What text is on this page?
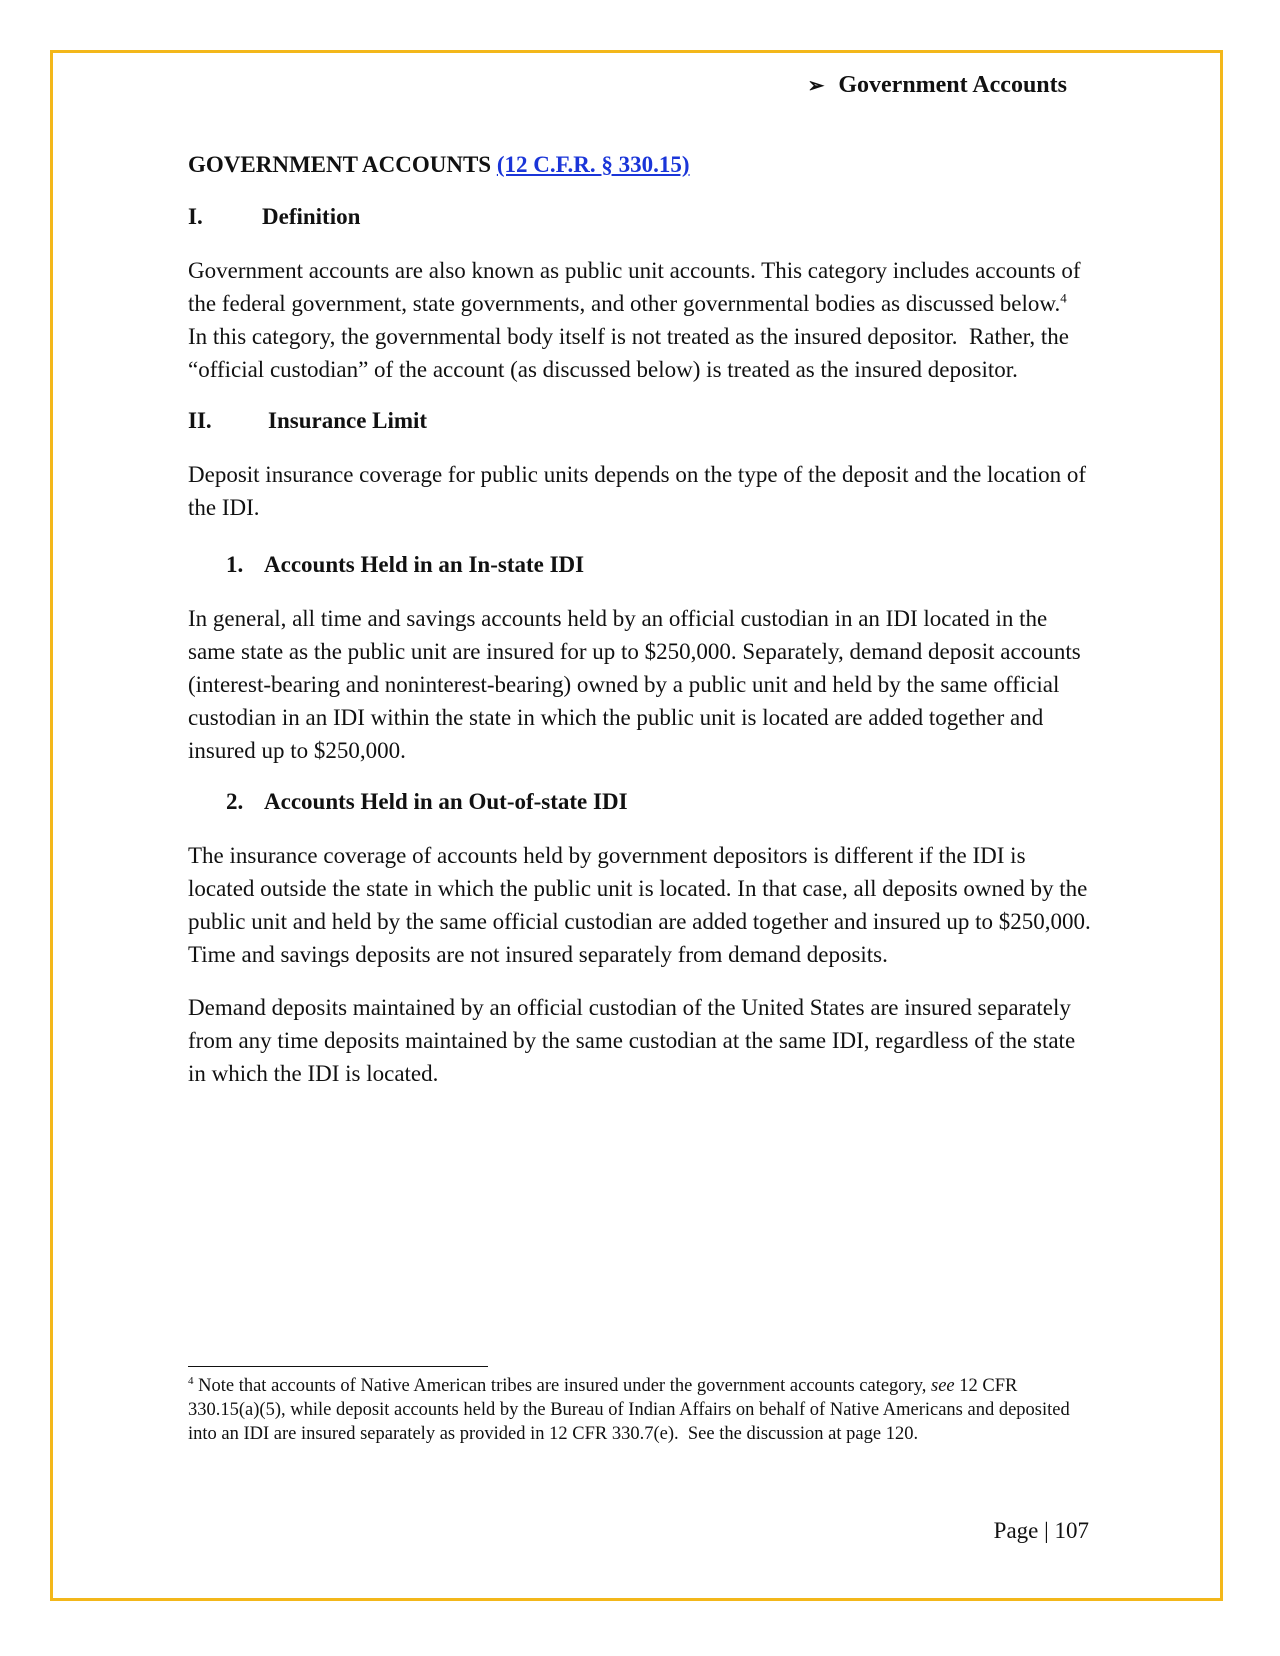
➢ Government Accounts
GOVERNMENT ACCOUNTS (12 C.F.R. § 330.15)
I.	Definition

Government accounts are also known as public unit accounts. This category includes accounts of the federal government, state governments, and other governmental bodies as discussed below.$^4$  In this category, the governmental body itself is not treated as the insured depositor.  Rather, the “official custodian” of the account (as discussed below) is treated as the insured depositor.

II.	Insurance Limit

Deposit insurance coverage for public units depends on the type of the deposit and the location of the IDI.

1. Accounts Held in an In-state IDI

In general, all time and savings accounts held by an official custodian in an IDI located in the same state as the public unit are insured for up to $250,000. Separately, demand deposit accounts (interest-bearing and noninterest-bearing) owned by a public unit and held by the same official custodian in an IDI within the state in which the public unit is located are added together and insured up to $250,000.

2. Accounts Held in an Out-of-state IDI

The insurance coverage of accounts held by government depositors is different if the IDI is located outside the state in which the public unit is located. In that case, all deposits owned by the public unit and held by the same official custodian are added together and insured up to $250,000. Time and savings deposits are not insured separately from demand deposits.

Demand deposits maintained by an official custodian of the United States are insured separately from any time deposits maintained by the same custodian at the same IDI, regardless of the state in which the IDI is located.

$^4$ Note that accounts of Native American tribes are insured under the government accounts category, see 12 CFR 330.15(a)(5), while deposit accounts held by the Bureau of Indian Affairs on behalf of Native Americans and deposited into an IDI are insured separately as provided in 12 CFR 330.7(e).  See the discussion at page 120.

Page | 107
